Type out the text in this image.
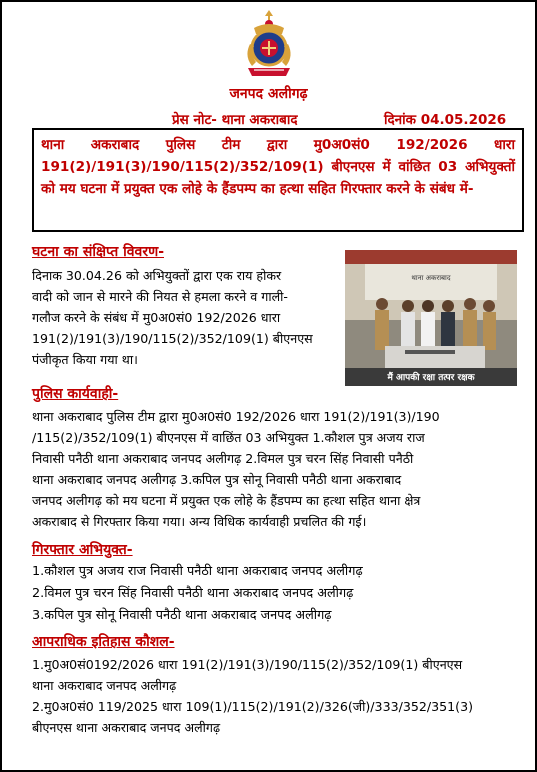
जनपद अलीगढ़
प्रेस नोट- थाना अकराबाद	दिनांक 04.05.2026
थाना अकराबाद पुलिस टीम द्वारा मु0अ0सं0 192/2026 धारा 191(2)/191(3)/190/115(2)/352/109(1) बीएनएस में वांछित 03 अभियुक्तों को मय घटना में प्रयुक्त एक लोहे के हैंडपम्प का हत्था सहित गिरफ्तार करने के संबंध में-
घटना का संक्षिप्त विवरण-
दिनाक 30.04.26 को अभियुक्तों द्वारा एक राय होकर
वादी को जान से मारने की नियत से हमला करने व गाली-
गलौज करने के संबंध में मु0अ0सं0 192/2026 धारा
191(2)/191(3)/190/115(2)/352/109(1) बीएनएस
पंजीकृत किया गया था।
थाना अकराबाद
मैं आपकी रक्षा तत्पर रक्षक
पुलिस कार्यवाही-
थाना अकराबाद पुलिस टीम द्वारा मु0अ0सं0 192/2026 धारा 191(2)/191(3)/190
/115(2)/352/109(1) बीएनएस में वाछिंत 03 अभियुक्त 1.कौशल पुत्र अजय राज
निवासी पनैठी थाना अकराबाद जनपद अलीगढ़ 2.विमल पुत्र चरन सिंह निवासी पनैठी
थाना अकराबाद जनपद अलीगढ़ 3.कपिल पुत्र सोनू निवासी पनैठी थाना अकराबाद
जनपद अलीगढ़ को मय घटना में प्रयुक्त एक लोहे के हैंडपम्प का हत्था सहित थाना क्षेत्र
अकराबाद से गिरफ्तार किया गया। अन्य विधिक कार्यवाही प्रचलित की गई।
गिरफ्तार अभियुक्त-
1.कौशल पुत्र अजय राज निवासी पनैठी थाना अकराबाद जनपद अलीगढ़
2.विमल पुत्र चरन सिंह निवासी पनैठी थाना अकराबाद जनपद अलीगढ़
3.कपिल पुत्र सोनू निवासी पनैठी थाना अकराबाद जनपद अलीगढ़
आपराधिक इतिहास कौशल-
1.मु0अ0सं0192/2026 धारा 191(2)/191(3)/190/115(2)/352/109(1) बीएनएस
थाना अकराबाद जनपद अलीगढ़
2.मु0अ0सं0 119/2025 धारा 109(1)/115(2)/191(2)/326(जी)/333/352/351(3)
बीएनएस थाना अकराबाद जनपद अलीगढ़
